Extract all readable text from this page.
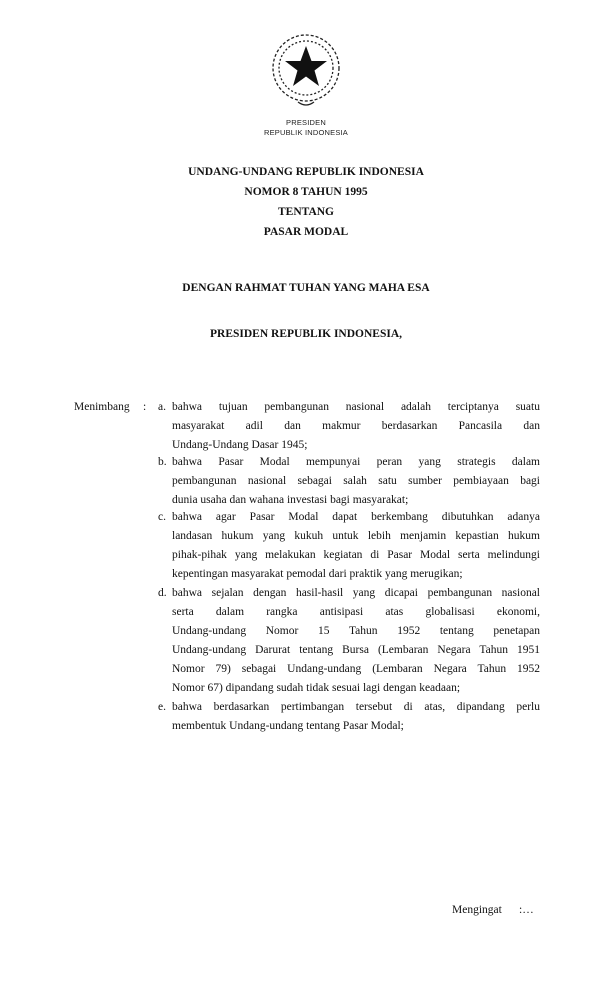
PRESIDEN
REPUBLIK INDONESIA
UNDANG-UNDANG REPUBLIK INDONESIA
NOMOR 8 TAHUN 1995
TENTANG
PASAR MODAL
DENGAN RAHMAT TUHAN YANG MAHA ESA
PRESIDEN REPUBLIK INDONESIA,
Menimbang : a. bahwa tujuan pembangunan nasional adalah terciptanya suatu
masyarakat adil dan makmur berdasarkan Pancasila dan
Undang-Undang Dasar 1945;
b. bahwa Pasar Modal mempunyai peran yang strategis dalam
pembangunan nasional sebagai salah satu sumber pembiayaan bagi
dunia usaha dan wahana investasi bagi masyarakat;
c. bahwa agar Pasar Modal dapat berkembang dibutuhkan adanya
landasan hukum yang kukuh untuk lebih menjamin kepastian hukum
pihak-pihak yang melakukan kegiatan di Pasar Modal serta melindungi
kepentingan masyarakat pemodal dari praktik yang merugikan;
d. bahwa sejalan dengan hasil-hasil yang dicapai pembangunan nasional
serta dalam rangka antisipasi atas globalisasi ekonomi,
Undang-undang Nomor 15 Tahun 1952 tentang penetapan
Undang-undang Darurat tentang Bursa (Lembaran Negara Tahun 1951
Nomor 79) sebagai Undang-undang (Lembaran Negara Tahun 1952
Nomor 67) dipandang sudah tidak sesuai lagi dengan keadaan;
e. bahwa berdasarkan pertimbangan tersebut di atas, dipandang perlu
membentuk Undang-undang tentang Pasar Modal;
Mengingat :…
